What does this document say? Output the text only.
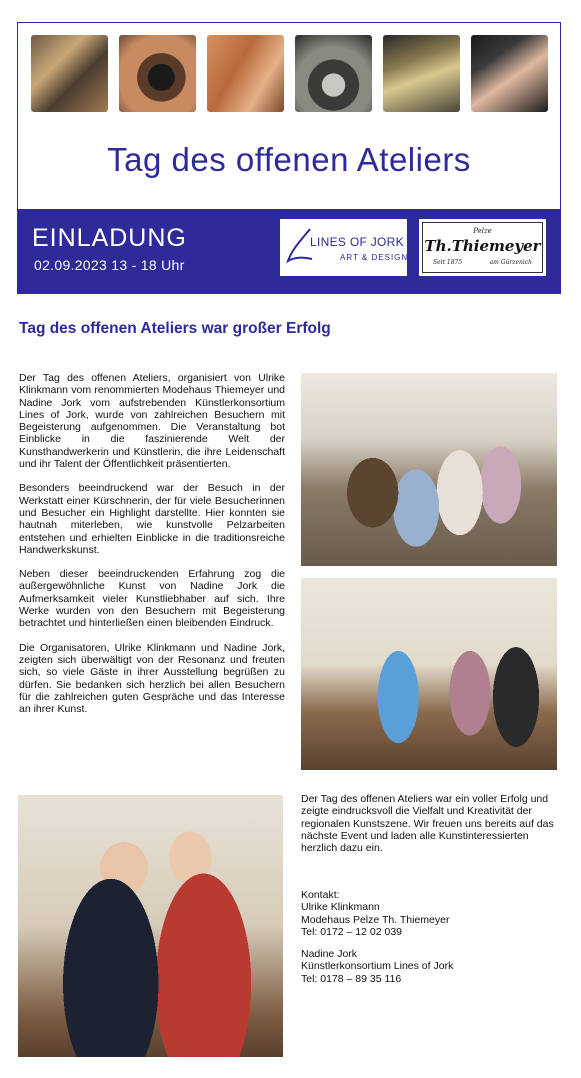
Tag des offenen Ateliers
EINLADUNG
02.09.2023 13 - 18 Uhr
LINES OF JORK
ART & DESIGN
Pelze
Th.Thiemeyer
Seit 1875	am Gürzenich
Tag des offenen Ateliers war großer Erfolg

Der Tag des offenen Ateliers, organisiert von Ulrike Klinkmann vom renommierten Modehaus Thiemeyer und Nadine Jork vom aufstrebenden Künstlerkonsortium Lines of Jork, wurde von zahlreichen Besuchern mit Begeisterung aufgenommen. Die Veranstaltung bot Einblicke in die faszinierende Welt der Kunsthandwerkerin und Künstlerin, die ihre Leidenschaft und ihr Talent der Öffentlichkeit präsentierten.

Besonders beeindruckend war der Besuch in der Werkstatt einer Kürschnerin, der für viele Besucherinnen und Besucher ein Highlight darstellte. Hier konnten sie hautnah miterleben, wie kunstvolle Pelzarbeiten entstehen und erhielten Einblicke in die traditionsreiche Handwerkskunst.

Neben dieser beeindruckenden Erfahrung zog die außergewöhnliche Kunst von Nadine Jork die Aufmerksamkeit vieler Kunstliebhaber auf sich. Ihre Werke wurden von den Besuchern mit Begeisterung betrachtet und hinterließen einen bleibenden Eindruck.

Die Organisatoren, Ulrike Klinkmann und Nadine Jork, zeigten sich überwältigt von der Resonanz und freuten sich, so viele Gäste in ihrer Ausstellung begrüßen zu dürfen. Sie bedanken sich herzlich bei allen Besuchern für die zahlreichen guten Gespräche und das Interesse an ihrer Kunst.

Der Tag des offenen Ateliers war ein voller Erfolg und zeigte eindrucksvoll die Vielfalt und Kreativität der regionalen Kunstszene. Wir freuen uns bereits auf das nächste Event und laden alle Kunstinteressierten herzlich dazu ein.
Kontakt:
Ulrike Klinkmann
Modehaus Pelze Th. Thiemeyer
Tel: 0172 – 12 02 039
Nadine Jork
Künstlerkonsortium Lines of Jork
Tel: 0178 – 89 35 116
